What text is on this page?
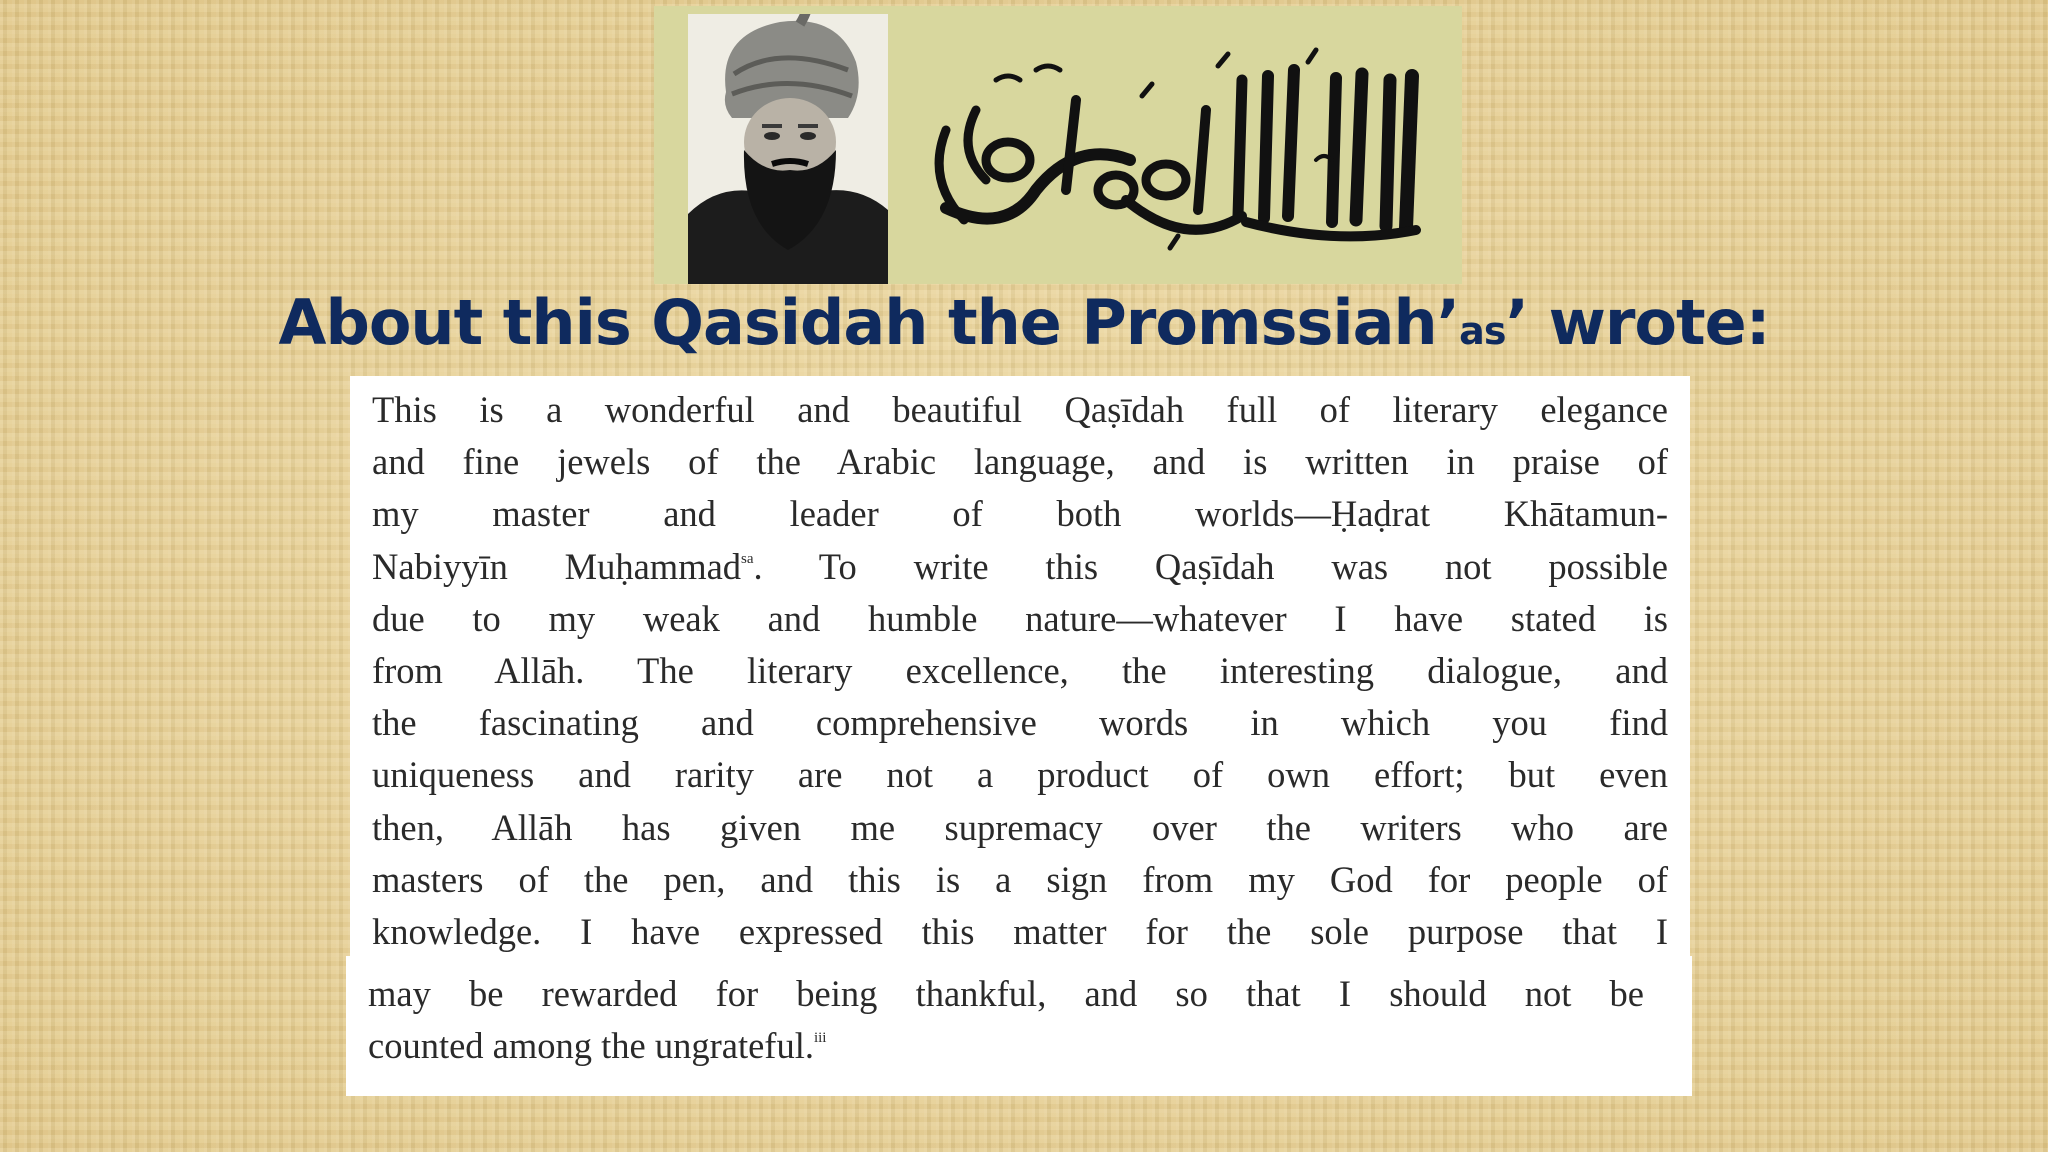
About this Qasidah the Promssiah’as’ wrote:

This is a wonderful and beautiful Qaṣīdah full of literary elegance
and fine jewels of the Arabic language, and is written in praise of
my master and leader of both worlds—Ḥaḍrat Khātamun-
Nabiyyīn Muḥammad$^{sa}$. To write this Qaṣīdah was not possible
due to my weak and humble nature—whatever I have stated is
from Allāh. The literary excellence, the interesting dialogue, and
the fascinating and comprehensive words in which you find
uniqueness and rarity are not a product of own effort; but even
then, Allāh has given me supremacy over the writers who are
masters of the pen, and this is a sign from my God for people of
knowledge. I have expressed this matter for the sole purpose that I

may be rewarded for being thankful, and so that I should not be
counted among the ungrateful.$^{iii}$
